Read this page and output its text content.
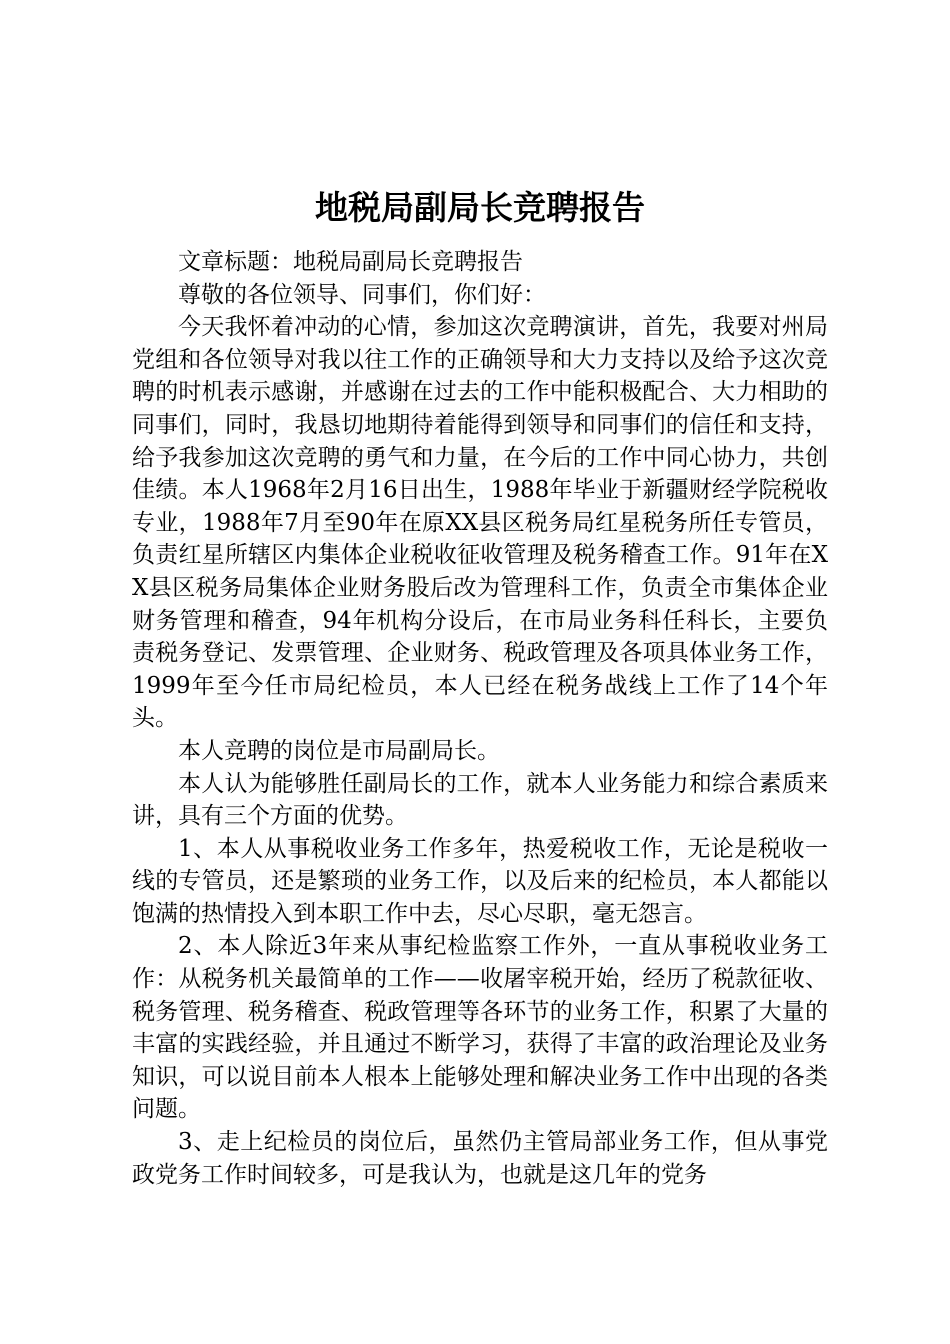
地税局副局长竞聘报告

文章标题：地税局副局长竞聘报告

尊敬的各位领导、同事们，你们好：

今天我怀着冲动的心情，参加这次竞聘演讲，首先，我要对州局党组和各位领导对我以往工作的正确领导和大力支持以及给予这次竞聘的时机表示感谢，并感谢在过去的工作中能积极配合、大力相助的同事们，同时，我恳切地期待着能得到领导和同事们的信任和支持，给予我参加这次竞聘的勇气和力量，在今后的工作中同心协力，共创佳绩。本人1968年2月16日出生，1988年毕业于新疆财经学院税收专业，1988年7月至90年在原XX县区税务局红星税务所任专管员，负责红星所辖区内集体企业税收征收管理及税务稽查工作。91年在XX县区税务局集体企业财务股后改为管理科工作，负责全市集体企业财务管理和稽查，94年机构分设后，在市局业务科任科长，主要负责税务登记、发票管理、企业财务、税政管理及各项具体业务工作，1999年至今任市局纪检员，本人已经在税务战线上工作了14个年头。

本人竞聘的岗位是市局副局长。

本人认为能够胜任副局长的工作，就本人业务能力和综合素质来讲，具有三个方面的优势。

1、本人从事税收业务工作多年，热爱税收工作，无论是税收一线的专管员，还是繁琐的业务工作，以及后来的纪检员，本人都能以饱满的热情投入到本职工作中去，尽心尽职，毫无怨言。

2、本人除近3年来从事纪检监察工作外，一直从事税收业务工作：从税务机关最简单的工作——收屠宰税开始，经历了税款征收、税务管理、税务稽查、税政管理等各环节的业务工作，积累了大量的丰富的实践经验，并且通过不断学习，获得了丰富的政治理论及业务知识，可以说目前本人根本上能够处理和解决业务工作中出现的各类问题。

3、走上纪检员的岗位后，虽然仍主管局部业务工作，但从事党政党务工作时间较多，可是我认为，也就是这几年的党务
